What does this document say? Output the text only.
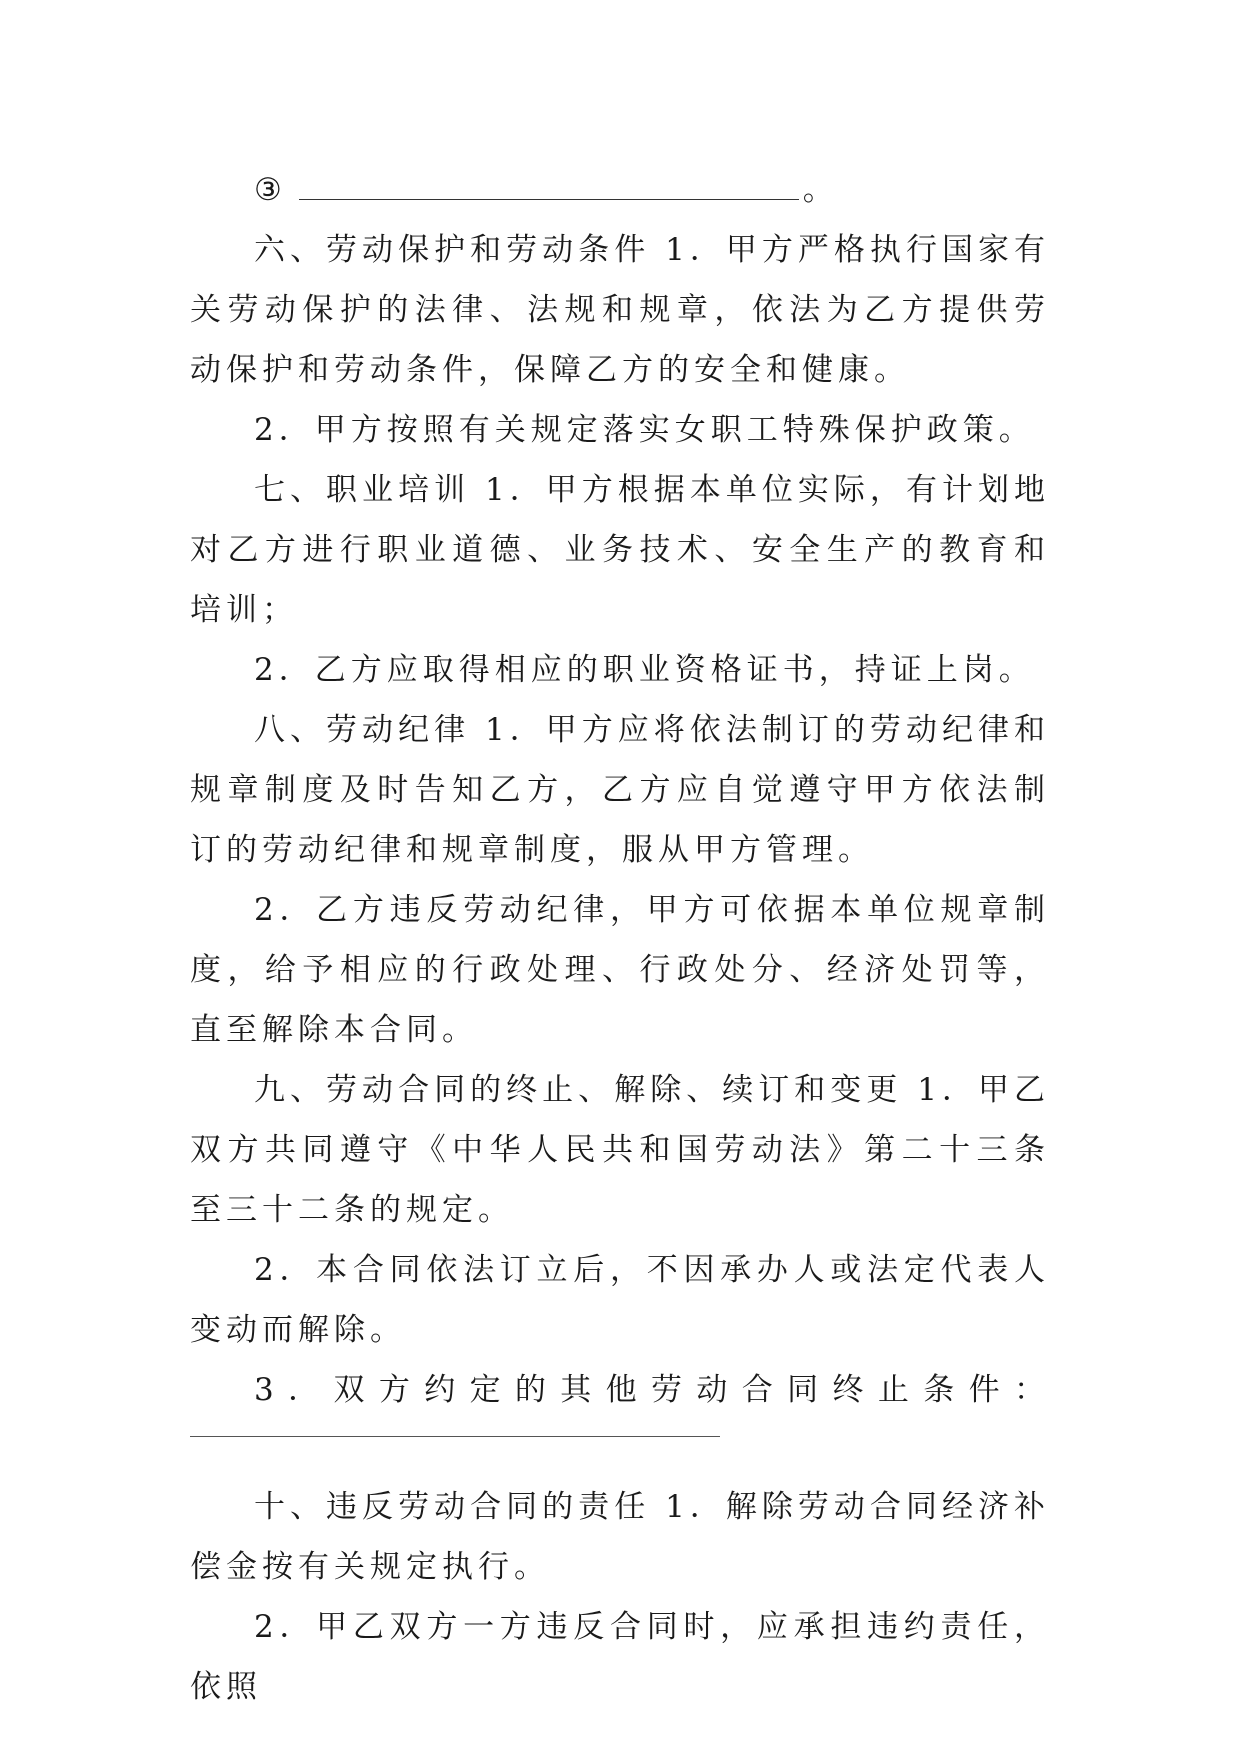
③	。

六、劳动保护和劳动条件 1．甲方严格执行国家有关劳动保护的法律、法规和规章，依法为乙方提供劳动保护和劳动条件，保障乙方的安全和健康。

2．甲方按照有关规定落实女职工特殊保护政策。

七、职业培训 1．甲方根据本单位实际，有计划地对乙方进行职业道德、业务技术、安全生产的教育和培训；

2．乙方应取得相应的职业资格证书，持证上岗。

八、劳动纪律 1．甲方应将依法制订的劳动纪律和规章制度及时告知乙方，乙方应自觉遵守甲方依法制订的劳动纪律和规章制度，服从甲方管理。

2．乙方违反劳动纪律，甲方可依据本单位规章制度，给予相应的行政处理、行政处分、经济处罚等，直至解除本合同。

九、劳动合同的终止、解除、续订和变更 1．甲乙双方共同遵守《中华人民共和国劳动法》第二十三条至三十二条的规定。

2．本合同依法订立后，不因承办人或法定代表人变动而解除。

3．双方约定的其他劳动合同终止条件：

十、违反劳动合同的责任 1．解除劳动合同经济补偿金按有关规定执行。

2．甲乙双方一方违反合同时，应承担违约责任，依照
